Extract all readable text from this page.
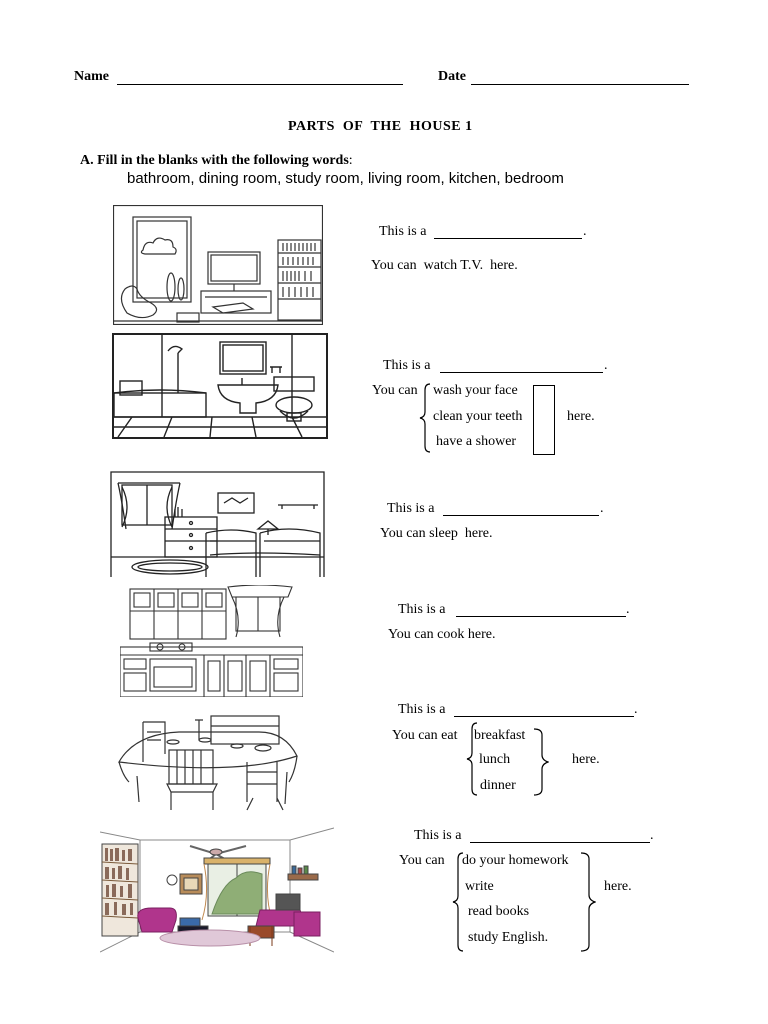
Name	Date
PARTS  OF  THE  HOUSE 1
A. Fill in the blanks with the following words:
bathroom, dining room, study room, living room, kitchen, bedroom
This is a	.
You can  watch T.V.  here.
This is a	.
You can wash your face
clean your teeth
have a shower
here.
This is a	.
You can sleep  here.
This is a	.
You can cook here.
This is a	.
You can eat breakfast
lunch
dinner
here.
This is a	.
You can do your homework
write
read books
study English.
here.
